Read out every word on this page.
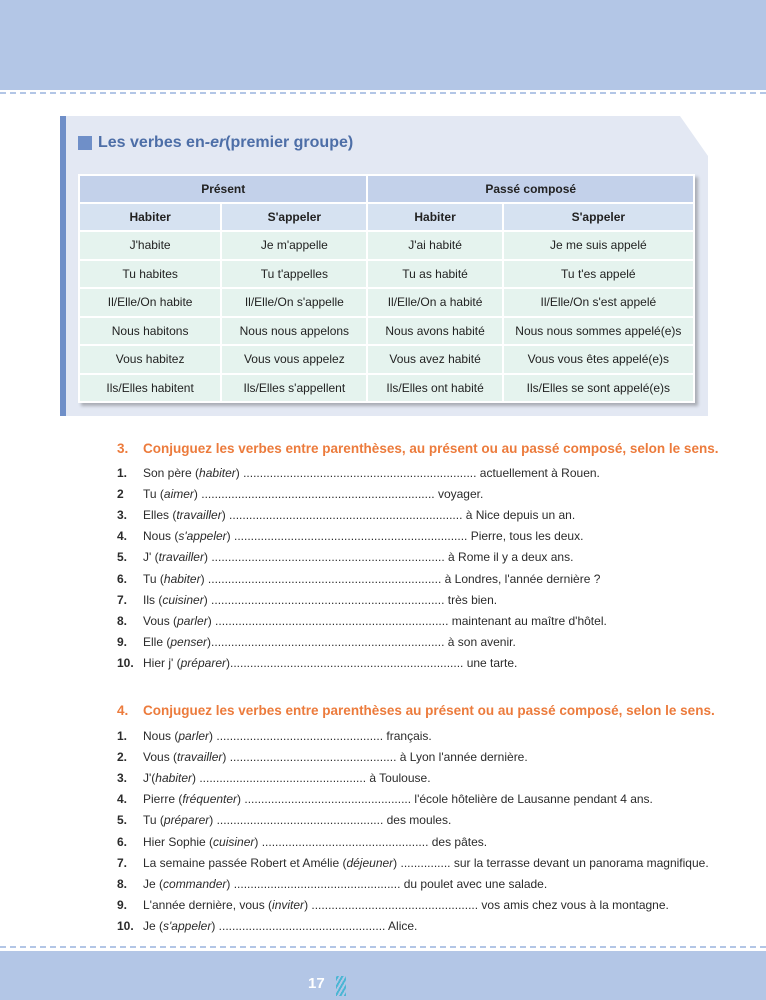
Les verbes en -er (premier groupe)
Présent		Passé composé	
Habiter	S'appeler	Habiter	S'appeler
J'habite	Je m'appelle	J'ai habité	Je me suis appelé
Tu habites	Tu t'appelles	Tu as habité	Tu t'es appelé
Il/Elle/On habite	Il/Elle/On s'appelle	Il/Elle/On a habité	Il/Elle/On s'est appelé
Nous habitons	Nous nous appelons	Nous avons habité	Nous nous sommes appelé(e)s
Vous habitez	Vous vous appelez	Vous avez habité	Vous vous êtes appelé(e)s
Ils/Elles habitent	Ils/Elles s'appellent	Ils/Elles ont habité	Ils/Elles se sont appelé(e)s
3.	Conjuguez les verbes entre parenthèses, au présent ou au passé composé, selon le sens.
1.	Son père ( habiter ) ...................................................................... actuellement à Rouen.
2	Tu ( aimer ) ...................................................................... voyager.
3.	Elles ( travailler ) ...................................................................... à Nice depuis un an.
4.	Nous ( s'appeler ) ...................................................................... Pierre, tous les deux.
5.	J' ( travailler ) ...................................................................... à Rome il y a deux ans.
6.	Tu ( habiter ) ...................................................................... à Londres, l'année dernière ?
7.	Ils ( cuisiner ) ...................................................................... très bien.
8.	Vous ( parler ) ...................................................................... maintenant au maître d'hôtel.
9.	Elle ( penser )...................................................................... à son avenir.
10. Hier j' ( préparer )...................................................................... une tarte.
4.	Conjuguez les verbes entre parenthèses au présent ou au passé composé, selon le sens.
1.	Nous ( parler ) .................................................. français.
2.	Vous ( travailler ) .................................................. à Lyon l'année dernière.
3.	J'( habiter ) .................................................. à Toulouse.
4.	Pierre ( fréquenter ) .................................................. l'école hôtelière de Lausanne pendant 4 ans.
5.	Tu ( préparer ) .................................................. des moules.
6.	Hier Sophie ( cuisiner ) .................................................. des pâtes.
7.	La semaine passée Robert et Amélie ( déjeuner ) ............... sur la terrasse devant un panorama magnifique.
8.	Je ( commander ) .................................................. du poulet avec une salade.
9.	L'année dernière, vous ( inviter ) .................................................. vos amis chez vous à la montagne.
10. Je ( s'appeler ) .................................................. Alice.
17
